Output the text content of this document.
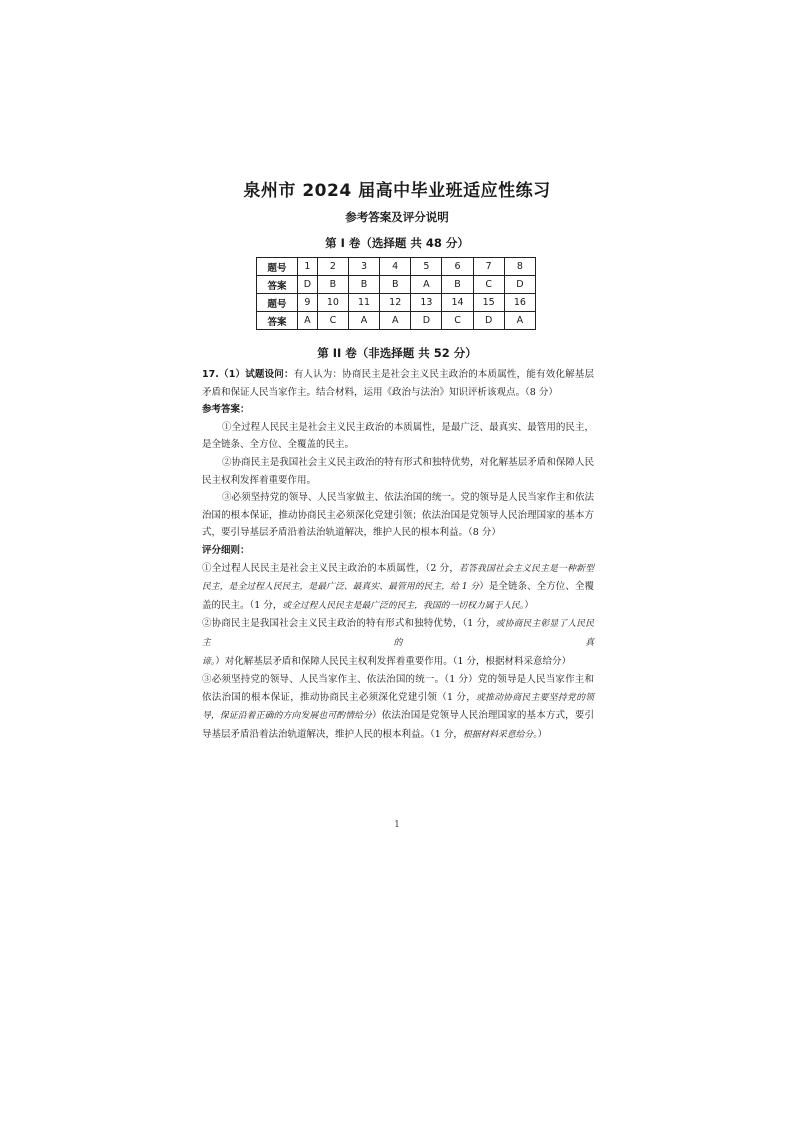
泉州市 2024 届高中毕业班适应性练习
参考答案及评分说明
第 I 卷（选择题 共 48 分）
题号	1	2	3	4	5	6	7	8
答案	D	B	B	B	A	B	C	D
题号	9	10	11	12	13	14	15	16
答案	A	C	A	A	D	C	D	A
第 II 卷（非选择题 共 52 分）

17.（1）试题设问：有人认为：协商民主是社会主义民主政治的本质属性，能有效化解基层矛盾和保证人民当家作主。结合材料，运用《政治与法治》知识评析该观点。（8 分）

参考答案：

①全过程人民民主是社会主义民主政治的本质属性，是最广泛、最真实、最管用的民主，是全链条、全方位、全覆盖的民主。

②协商民主是我国社会主义民主政治的特有形式和独特优势，对化解基层矛盾和保障人民民主权利发挥着重要作用。

③必须坚持党的领导、人民当家做主、依法治国的统一。党的领导是人民当家作主和依法治国的根本保证，推动协商民主必须深化党建引领；依法治国是党领导人民治理国家的基本方式，要引导基层矛盾沿着法治轨道解决，维护人民的根本利益。（8 分）

评分细则：

①全过程人民民主是社会主义民主政治的本质属性，（2 分，若答我国社会主义民主是一种新型民主，是全过程人民民主，是最广泛、最真实、最管用的民主，给 1 分）是全链条、全方位、全覆盖的民主。（1 分，或全过程人民民主是最广泛的民主，我国的一切权力属于人民。）

②协商民主是我国社会主义民主政治的特有形式和独特优势，（1 分，或协商民主彰显了人民民主的真谛。）对化解基层矛盾和保障人民民主权利发挥着重要作用。（1 分，根据材料采意给分）

③必须坚持党的领导、人民当家作主、依法治国的统一。（1 分）党的领导是人民当家作主和依法治国的根本保证，推动协商民主必须深化党建引领（1 分，或推动协商民主要坚持党的领导，保证沿着正确的方向发展也可酌情给分）依法治国是党领导人民治理国家的基本方式，要引导基层矛盾沿着法治轨道解决，维护人民的根本利益。（1 分，根据材料采意给分。）

1
